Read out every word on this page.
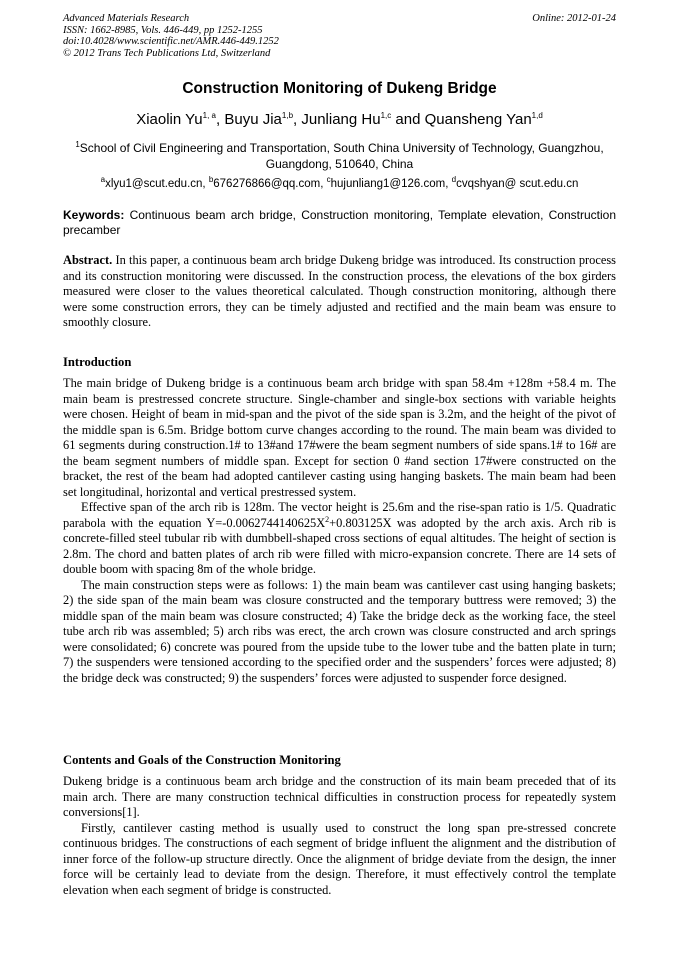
Advanced Materials Research
ISSN: 1662-8985, Vols. 446-449, pp 1252-1255
doi:10.4028/www.scientific.net/AMR.446-449.1252
© 2012 Trans Tech Publications Ltd, Switzerland
Online: 2012-01-24
Construction Monitoring of Dukeng Bridge
Xiaolin Yu$^{1, a}$, Buyu Jia$^{1,b}$, Junliang Hu$^{1,c}$ and Quansheng Yan$^{1,d}$
$^1$School of Civil Engineering and Transportation, South China University of Technology, Guangzhou,
Guangdong, 510640, China
$^a$xlyu1@scut.edu.cn, $^b$676276866@qq.com, $^c$hujunliang1@126.com, $^d$cvqshyan@ scut.edu.cn
Keywords: Continuous beam arch bridge, Construction monitoring, Template elevation, Construction precamber
Abstract. In this paper, a continuous beam arch bridge Dukeng bridge was introduced. Its construction process and its construction monitoring were discussed. In the construction process, the elevations of the box girders measured were closer to the values theoretical calculated. Though construction monitoring, although there were some construction errors, they can be timely adjusted and rectified and the main beam was ensure to smoothly closure.
Introduction

The main bridge of Dukeng bridge is a continuous beam arch bridge with span 58.4m +128m +58.4 m. The main beam is prestressed concrete structure. Single-chamber and single-box sections with variable heights were chosen. Height of beam in mid-span and the pivot of the side span is 3.2m, and the height of the pivot of the middle span is 6.5m. Bridge bottom curve changes according to the round. The main beam was divided to 61 segments during construction.1# to 13#and 17#were the beam segment numbers of side spans.1# to 16# are the beam segment numbers of middle span. Except for section 0 #and section 17#were constructed on the bracket, the rest of the beam had adopted cantilever casting using hanging baskets. The main beam had been set longitudinal, horizontal and vertical prestressed system.

Effective span of the arch rib is 128m. The vector height is 25.6m and the rise-span ratio is 1/5. Quadratic parabola with the equation $Y=-0.0062744140625X^2+0.803125X$ was adopted by the arch axis. Arch rib is concrete-filled steel tubular rib with dumbbell-shaped cross sections of equal altitudes. The height of section is 2.8m. The chord and batten plates of arch rib were filled with micro-expansion concrete. There are 14 sets of double boom with spacing 8m of the whole bridge.

The main construction steps were as follows: 1) the main beam was cantilever cast using hanging baskets; 2) the side span of the main beam was closure constructed and the temporary buttress were removed; 3) the middle span of the main beam was closure constructed; 4) Take the bridge deck as the working face, the steel tube arch rib was assembled; 5) arch ribs was erect, the arch crown was closure constructed and arch springs were consolidated; 6) concrete was poured from the upside tube to the lower tube and the batten plate in turn; 7) the suspenders were tensioned according to the specified order and the suspenders’ forces were adjusted; 8) the bridge deck was constructed; 9) the suspenders’ forces were adjusted to suspender force designed.

Contents and Goals of the Construction Monitoring

Dukeng bridge is a continuous beam arch bridge and the construction of its main beam preceded that of its main arch. There are many construction technical difficulties in construction process for repeatedly system conversions[1].

Firstly, cantilever casting method is usually used to construct the long span pre-stressed concrete continuous bridges. The constructions of each segment of bridge influent the alignment and the distribution of inner force of the follow-up structure directly. Once the alignment of bridge deviate from the design, the inner force will be certainly lead to deviate from the design. Therefore, it must effectively control the template elevation when each segment of bridge is constructed.
